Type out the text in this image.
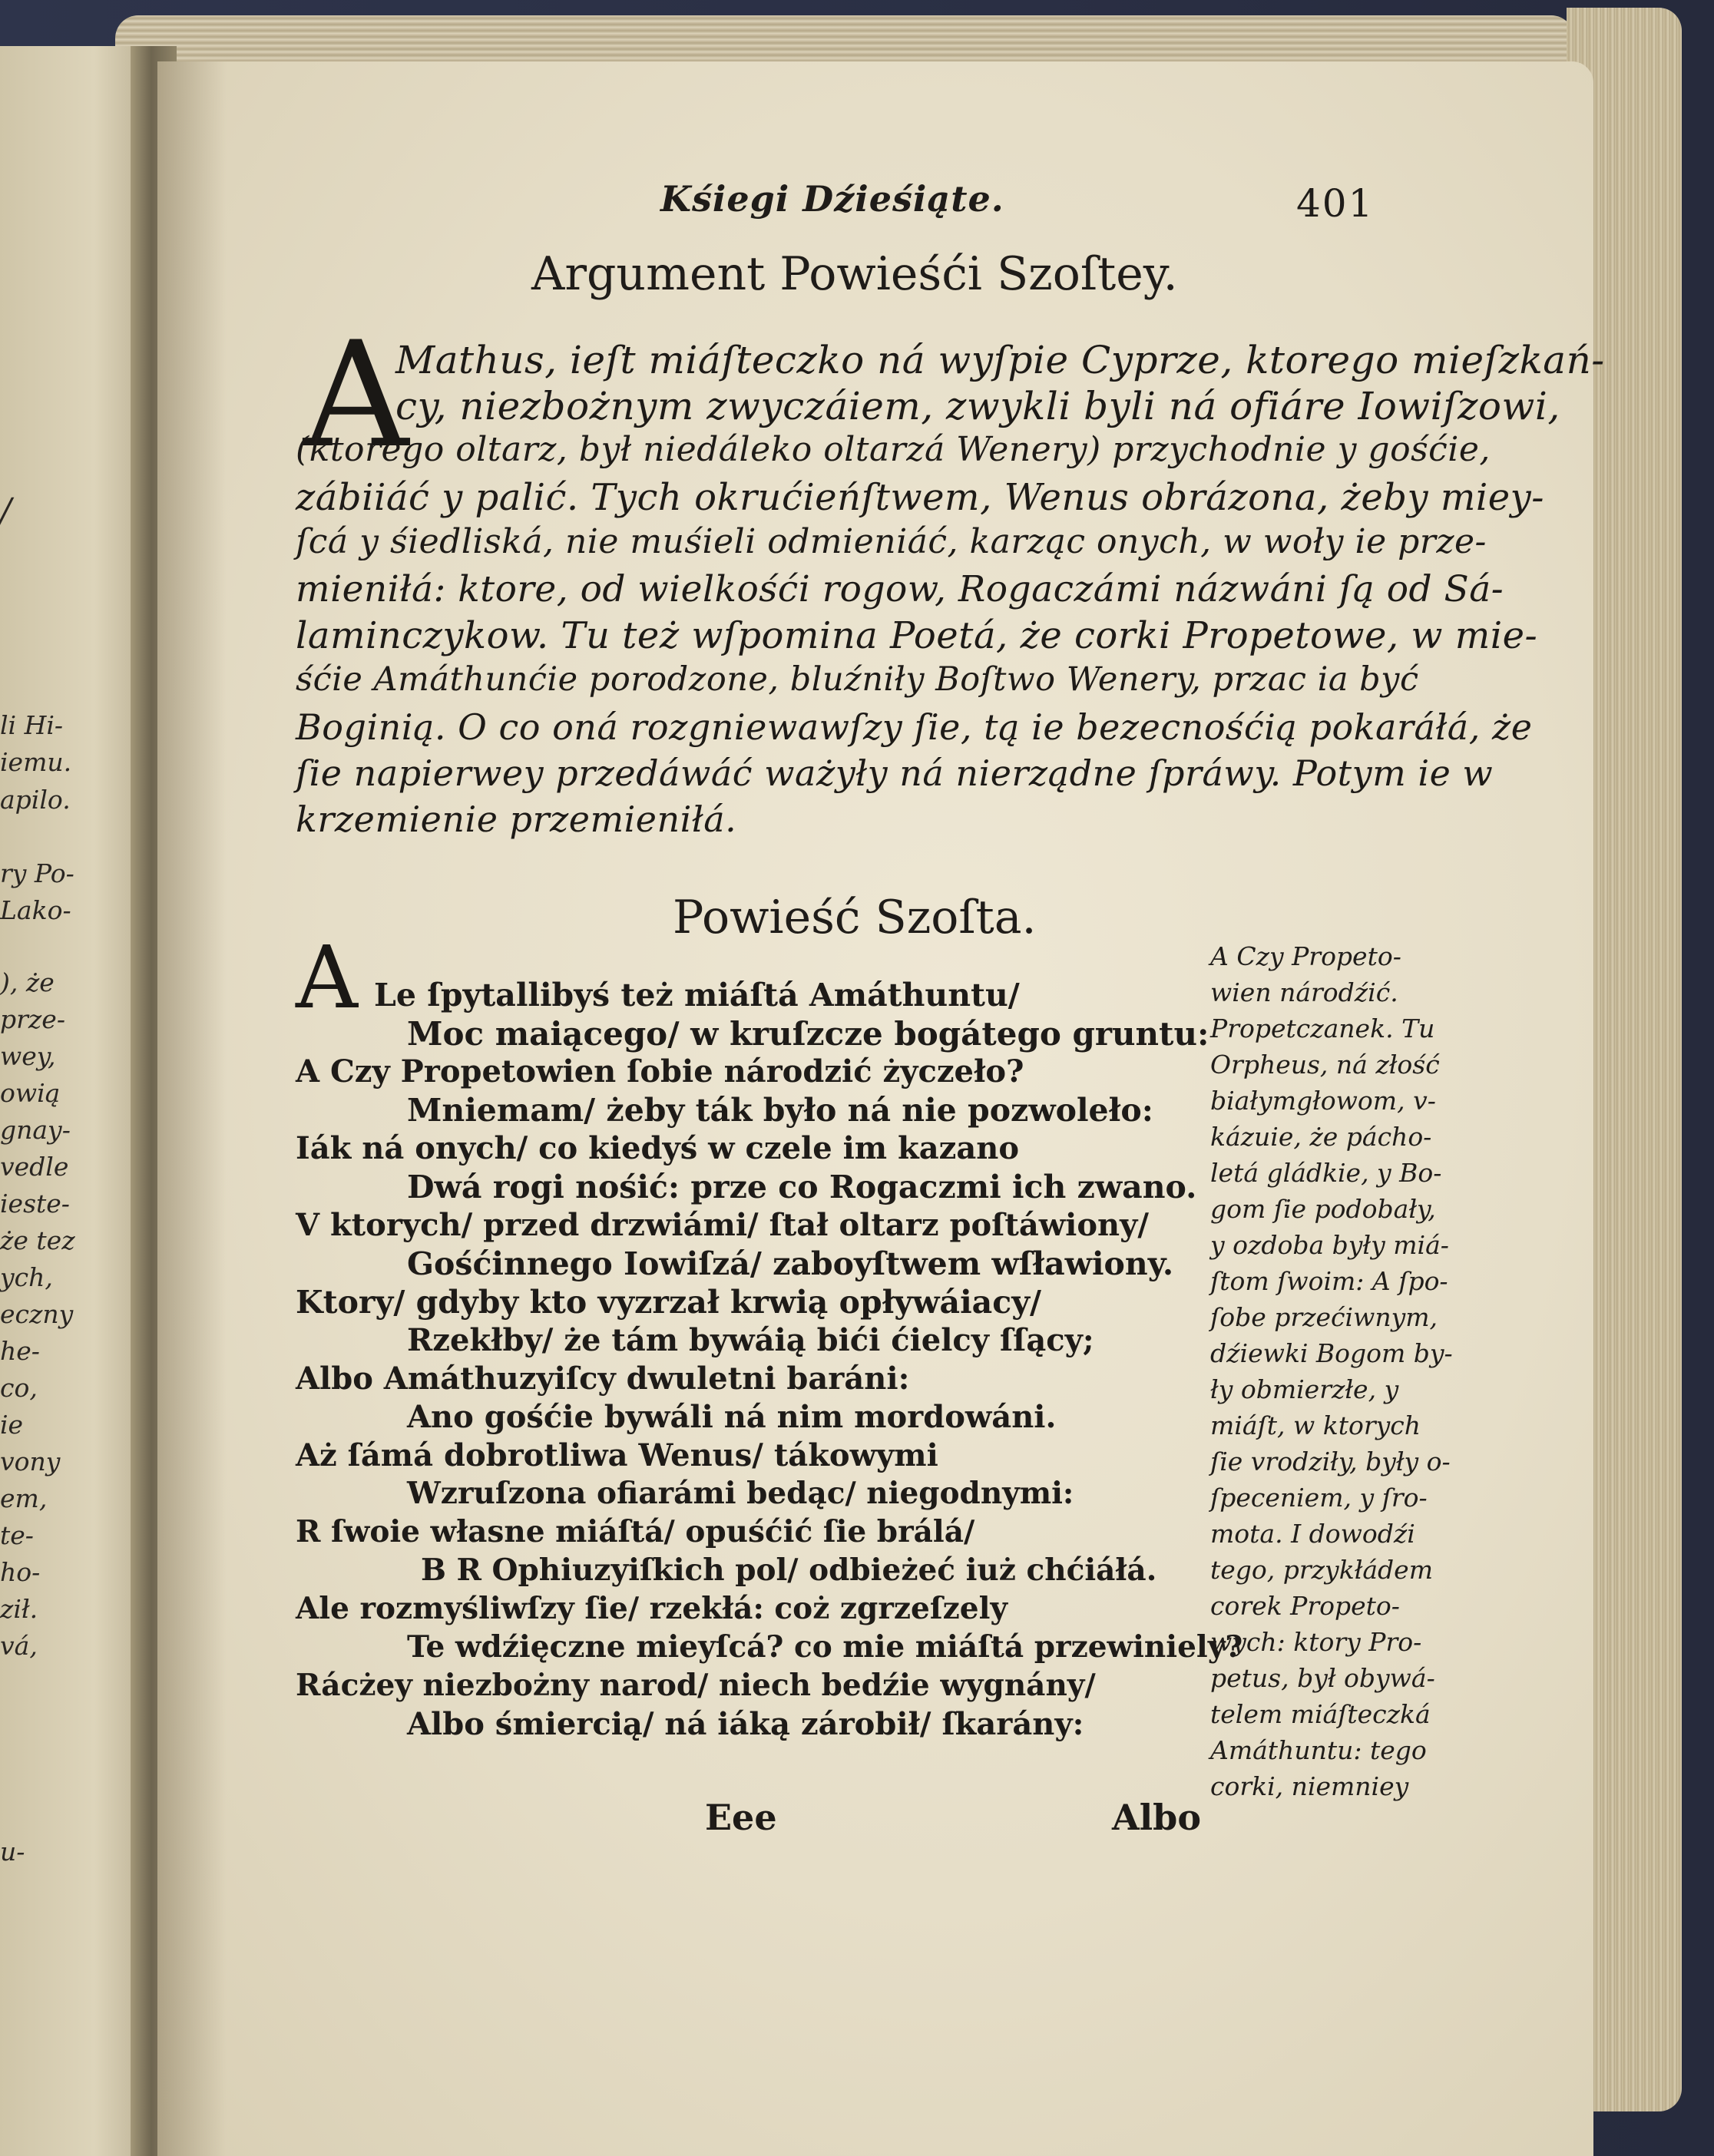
/
li Hi-
iemu.
apilo.
ry Po-
Lako-
), że
prze-
wey,
owią
gnay-
vedle
ieste-
że tez
ych,
eczny
he-
co,
ie
vony
em,
te-
ho-
ził.
vá,
u-
Kśiegi Dźieśiąte.	401
Argument Powieśći Szoſtey.
A
Mathus, ieſt miáſteczko ná wyſpie Cyprze, ktorego mieſzkań-
cy, niezbożnym zwyczáiem, zwykli byli ná ofiáre Iowiſzowi,
(ktorego oltarz, był niedáleko oltarzá Wenery) przychodnie y gośćie,
zábiiáć y palić. Tych okrućieńſtwem, Wenus obrázona, żeby miey-
ſcá y śiedliská, nie muśieli odmieniáć, karząc onych, w woły ie prze-
mieniłá: ktore, od wielkośći rogow, Rogaczámi názwáni ſą od Sá-
laminczykow. Tu też wſpomina Poetá, że corki Propetowe, w mie-
śćie Amáthunćie porodzone, bluźniły Boſtwo Wenery, przac ia być
Boginią. O co oná rozgniewawſzy ſie, tą ie bezecnośćią pokaráłá, że
ſie napierwey przedáwáć ważyły ná nierządne ſpráwy. Potym ie w
krzemienie przemieniłá.
Powieść Szoſta.
A Le ſpytallibyś też miáſtá Amáthuntu/
Moc maiącego/ w kruſzcze bogátego gruntu:
A Czy Propetowien ſobie národzić życzeło?
Mniemam/ żeby ták było ná nie pozwoleło:
Iák ná onych/ co kiedyś w czele im kazano
Dwá rogi nośić: prze co Rogaczmi ich zwano.
V ktorych/ przed drzwiámi/ ſtał oltarz poſtáwiony/
Gośćinnego Iowiſzá/ zaboyſtwem wſławiony.
Ktory/ gdyby kto vyzrzał krwią opływáiacy/
Rzekłby/ że tám bywáią bići ćielcy ſſący;
Albo Amáthuzyiſcy dwuletni baráni:
Ano gośćie bywáli ná nim mordowáni.
Aż ſámá dobrotliwa Wenus/ tákowymi
Wzruſzona ofiarámi bedąc/ niegodnymi:
R ſwoie własne miáſtá/ opuśćić ſie brálá/
B R Ophiuzyiſkich pol/ odbieżeć iuż chćiáłá.
Ale rozmyśliwſzy ſie/ rzekłá: coż zgrzeſzely
Te wdźięczne mieyſcá? co mie miáſtá przewiniely?
Rácżey niezbożny narod/ niech bedźie wygnány/
Albo śmiercią/ ná iáką zárobił/ ſkarány:
Eee	Albo
A Czy Propeto-
wien národźić.
Propetczanek. Tu
Orpheus, ná złość
białymgłowom, v-
kázuie, że pácho-
letá gládkie, y Bo-
gom ſie podobały,
y ozdoba były miá-
ſtom ſwoim: A ſpo-
ſobe przećiwnym,
dźiewki Bogom by-
ły obmierzłe, y
miáſt, w ktorych
ſie vrodziły, były o-
ſpeceniem, y ſro-
mota. I dowodźi
tego, przykłádem
corek Propeto-
wych: ktory Pro-
petus, był obywá-
telem miáſteczká
Amáthuntu: tego
corki, niemniey
